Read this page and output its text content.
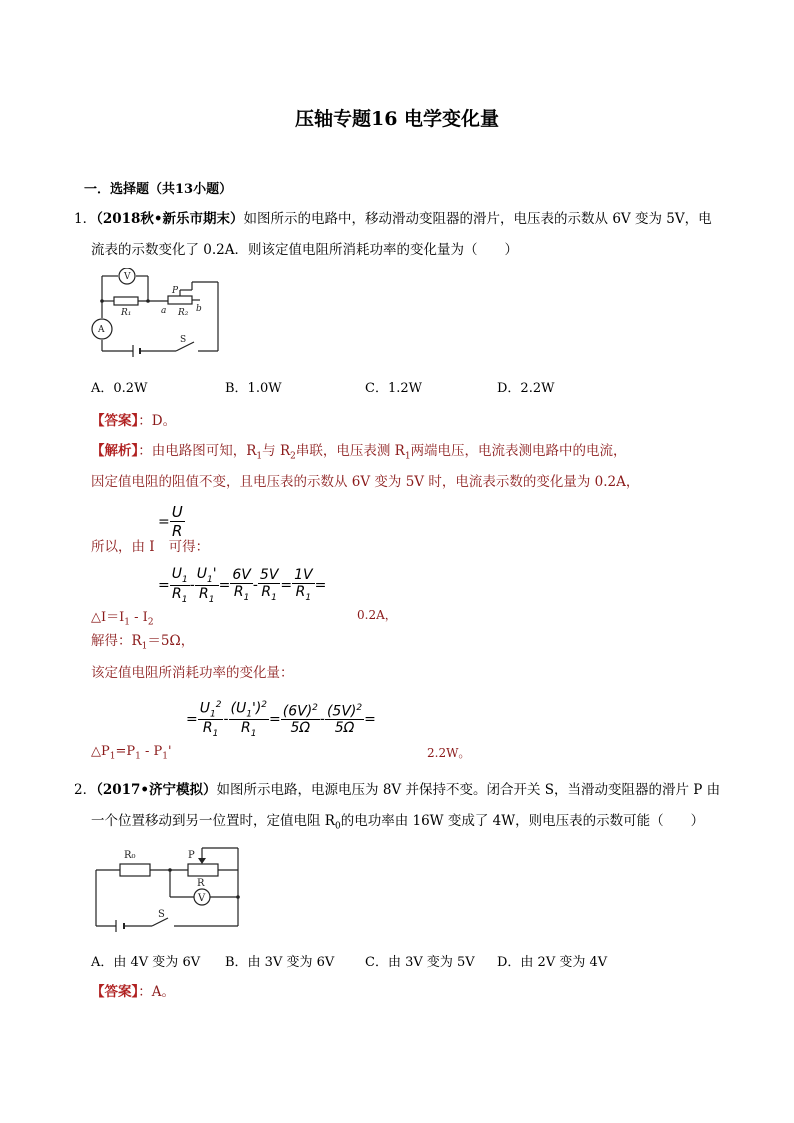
压轴专题16 电学变化量
一．选择题（共13小题）
1．（2018秋•新乐市期末）如图所示的电路中，移动滑动变阻器的滑片，电压表的示数从 6V 变为 5V，电
流表的示数变化了 0.2A．则该定值电阻所消耗功率的变化量为（　　）
V
A
R₁
P
R₂
a	b
S
A．0.2W	B．1.0W	C．1.2W	D．2.2W
【答案】：D。
【解析】：由电路图可知，$R_1$与 $R_2$串联，电压表测 $R_1$两端电压，电流表测电路中的电流，
因定值电阻的阻值不变，且电压表的示数从 6V 变为 5V 时，电流表示数的变化量为 0.2A，
= $\frac{U}{R}$
所以，由 I 可得：
= $\frac{U_1}{R_1} - \frac{U_1'}{R_1} = \frac{6V}{R_1} - \frac{5V}{R_1} = \frac{1V}{R_1}$ =
$\triangle I=I_1 - I_2$
0.2A，
解得：$R_1=5\Omega$，
该定值电阻所消耗功率的变化量：
= $\frac{U_1^2}{R_1} - \frac{(U_1')^2}{R_1} = \frac{(6V)^2}{5\Omega} - \frac{(5V)^2}{5\Omega}$ =
$\triangle P_1=P_1 - P_1'$	2.2W。
2．（2017•济宁模拟）如图所示电路，电源电压为 8V 并保持不变。闭合开关 S，当滑动变阻器的滑片 P 由
一个位置移动到另一位置时，定值电阻 $R_0$的电功率由 16W 变成了 4W，则电压表的示数可能（　　）
R₀	P
R
V
S
A．由 4V 变为 6V B．由 3V 变为 6V C．由 3V 变为 5V D．由 2V 变为 4V
【答案】：A。
